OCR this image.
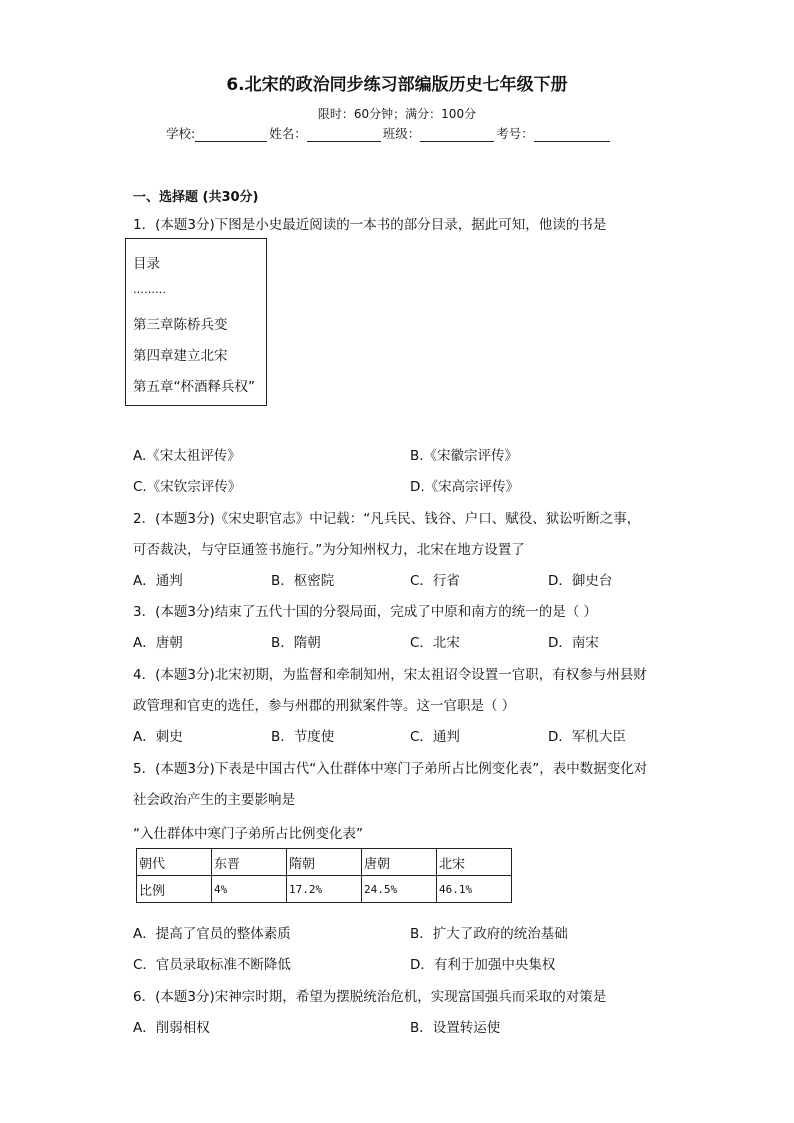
6.北宋的政治同步练习部编版历史七年级下册
限时：60分钟；满分：100分
学校:	姓名：	班级：	考号：
一、选择题 (共30分)
1．(本题3分)下图是小史最近阅读的一本书的部分目录，据此可知，他读的书是
目录
………
第三章陈桥兵变
第四章建立北宋
第五章“杯酒释兵权”
A.《宋太祖评传》	B.《宋徽宗评传》
C.《宋钦宗评传》	D.《宋高宗评传》
2．(本题3分)《宋史职官志》中记载：“凡兵民、钱谷、户口、赋役、狱讼听断之事，
可否裁决，与守臣通签书施行。”为分知州权力，北宋在地方设置了
A．通判	B．枢密院	C．行省	D．御史台
3．(本题3分)结束了五代十国的分裂局面，完成了中原和南方的统一的是（ ）
A．唐朝	B．隋朝	C．北宋	D．南宋
4．(本题3分)北宋初期，为监督和牵制知州，宋太祖诏令设置一官职，有权参与州县财
政管理和官吏的选任，参与州郡的刑狱案件等。这一官职是（ ）
A．刺史	B．节度使	C．通判	D．军机大臣
5．(本题3分)下表是中国古代“入仕群体中寒门子弟所占比例变化表”，表中数据变化对
社会政治产生的主要影响是
“入仕群体中寒门子弟所占比例变化表”
朝代	东晋	隋朝	唐朝	北宋
比例	4%	17.2%	24.5%	46.1%
A．提高了官员的整体素质	B．扩大了政府的统治基础
C．官员录取标准不断降低	D．有利于加强中央集权
6．(本题3分)宋神宗时期，希望为摆脱统治危机，实现富国强兵而采取的对策是
A．削弱相权	B．设置转运使
